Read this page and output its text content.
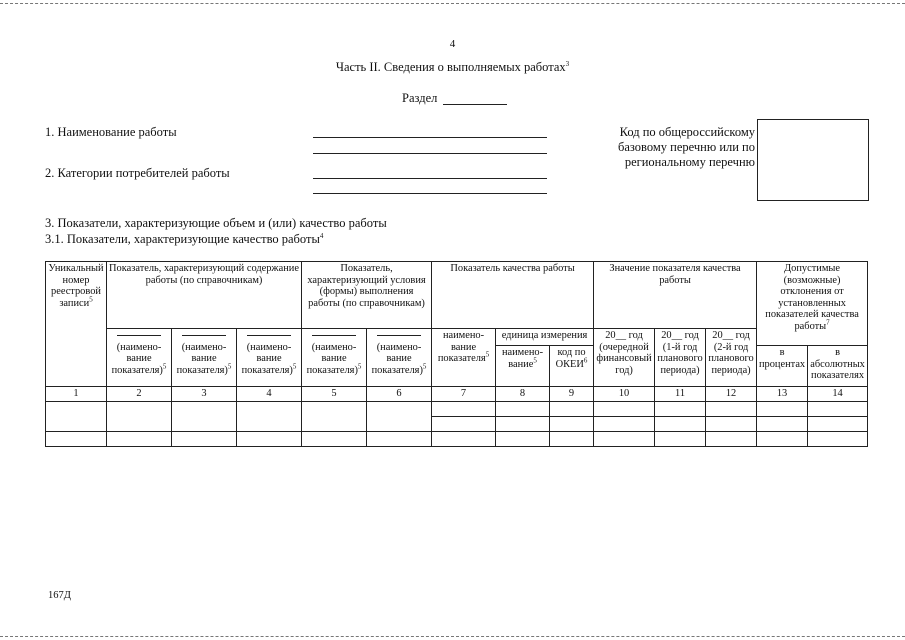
4
Часть II. Сведения о выполняемых работах$^3$
Раздел
1. Наименование работы
2. Категории потребителей работы
Код по общероссийскому
базовому перечню или по
региональному перечню
3. Показатели, характеризующие объем и (или) качество работы
3.1. Показатели, характеризующие качество работы$^4$
Уникальный номер реестровой записи$^5$	Показатель, характеризующий содержание работы (по справочникам)			Показатель, характеризующий условия (формы) выполнения работы (по справочникам)		Показатель качества работы			Значение показателя качества работы			Допустимые (возможные) отклонения от установленных показателей качества работы$^7$

(наимено- вание показателя)$^5$	(наимено- вание показателя)$^5$	(наимено- вание показателя)$^5$	(наимено- вание показателя)$^5$	(наимено- вание показателя)$^5$	наимено- вание показателя$^5$	единица измерения		20__ год (очередной финансовый год)	20__ год (1-й год планового периода)	20__ год (2-й год планового периода)		
							наимено- вание$^5$	код по ОКЕИ$^6$				в процентах	в абсолютных показателях
1	2	3	4	5	6	7	8	9	10	11	12	13	14

167Д
